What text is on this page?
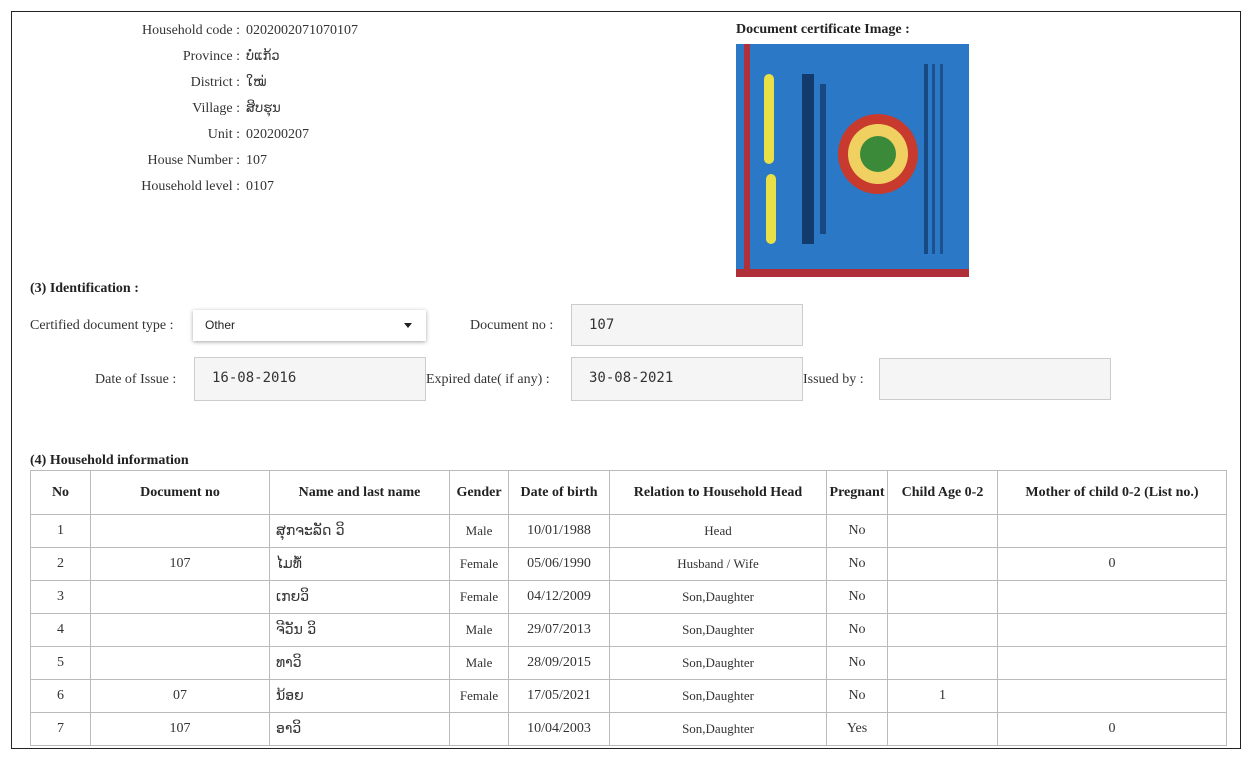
Household code : 0202002071070107
Province : ບໍ່ແກ້ວ
District : ໃໝ່
Village : ສິບຮຸນ
Unit : 020200207
House Number : 107
Household level : 0107
Document certificate Image :
(3) Identification :
Certified document type :	Other	Document no :	107
Date of Issue :	16-08-2016	Expired date( if any) :	30-08-2021	Issued by :
(4) Household information
No	Document no	Name and last name	Gender	Date of birth	Relation to Household Head	Pregnant	Child Age 0-2	Mother of child 0-2 (List no.)
1		ສຸກຈະລັດ ວິ	Male	10/01/1988	Head	No		
2	107	ໄມທໍ້	Female	05/06/1990	Husband / Wife	No		0
3		ເກຍວິ	Female	04/12/2009	Son,Daughter	No		
4		ຈີວັນ ວິ	Male	29/07/2013	Son,Daughter	No		
5		ທາວິ	Male	28/09/2015	Son,Daughter	No		
6	07	ນ້ອຍ	Female	17/05/2021	Son,Daughter	No	1	
7	107	ອາວິ		10/04/2003	Son,Daughter	Yes		0
